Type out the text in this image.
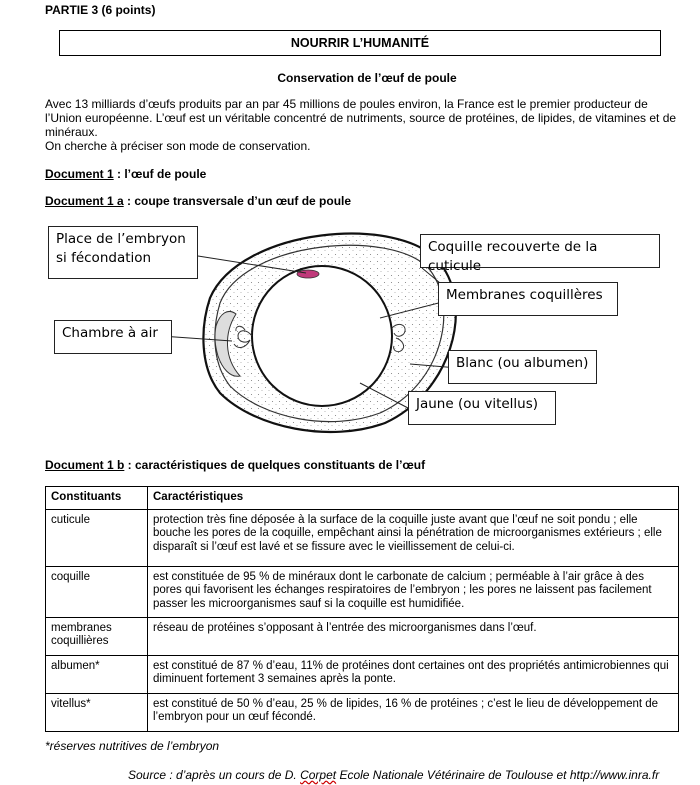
PARTIE 3 (6 points)
NOURRIR L’HUMANITÉ
Conservation de l’œuf de poule

Avec 13 milliards d’œufs produits par an par 45 millions de poules environ, la France est le premier producteur de l’Union européenne. L’œuf est un véritable concentré de nutriments, source de protéines, de lipides, de vitamines et de minéraux.

On cherche à préciser son mode de conservation.

Document 1 : l’œuf de poule
Document 1 a : coupe transversale d’un œuf de poule
Place de l’embryon
si fécondation
Coquille recouverte de la cuticule
Membranes coquillères
Chambre à air
Blanc (ou albumen)
Jaune (ou vitellus)
Document 1 b : caractéristiques de quelques constituants de l’œuf
Constituants	Caractéristiques
cuticule	protection très fine déposée à la surface de la coquille juste avant que l’œuf ne soit pondu ; elle bouche les pores de la coquille, empêchant ainsi la pénétration de microorganismes extérieurs ; elle disparaît si l’œuf est lavé et se fissure avec le vieillissement de celui-ci.
coquille	est constituée de 95 % de minéraux dont le carbonate de calcium ; perméable à l’air grâce à des pores qui favorisent les échanges respiratoires de l’embryon ; les pores ne laissent pas facilement passer les microorganismes sauf si la coquille est humidifiée.
membranes coquillières	réseau de protéines s’opposant à l’entrée des microorganismes dans l’œuf.
albumen*	est constitué de 87 % d’eau, 11% de protéines dont certaines ont des propriétés antimicrobiennes qui diminuent fortement 3 semaines après la ponte.
vitellus*	est constitué de 50 % d’eau, 25 % de lipides, 16 % de protéines ; c’est le lieu de développement de l’embryon pour un œuf fécondé.
*réserves nutritives de l’embryon
Source : d’après un cours de D. Corpet Ecole Nationale Vétérinaire de Toulouse et http://www.inra.fr
